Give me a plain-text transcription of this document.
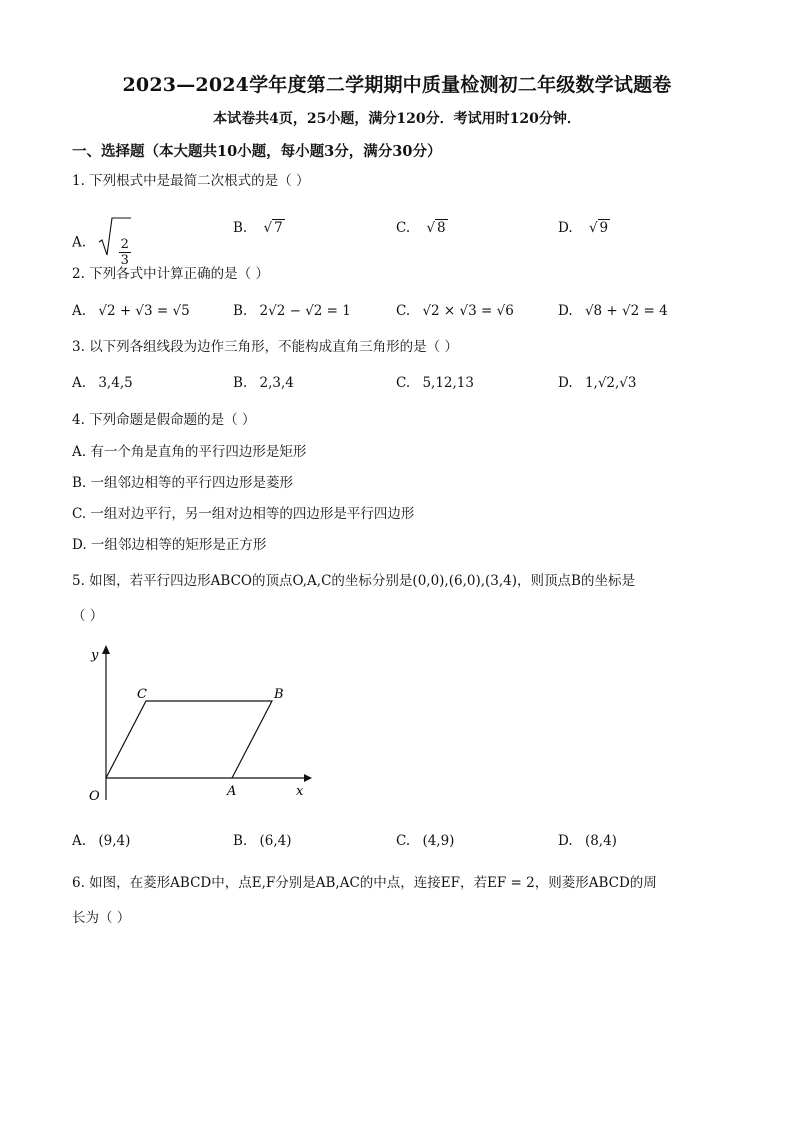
2023—2024学年度第二学期期中质量检测初二年级数学试题卷
本试卷共4页，25小题，满分120分．考试用时120分钟．
一、选择题（本大题共10小题，每小题3分，满分30分）
1. 下列根式中是最简二次根式的是（ ）
A.	$\frac{2}{3}$
B. √ 7	C. √ 8	D. √ 9
2. 下列各式中计算正确的是（ ）
A. √2 + √3 = √5	B. 2√2 − √2 = 1	C. √2 × √3 = √6	D. √8 + √2 = 4
3. 以下列各组线段为边作三角形，不能构成直角三角形的是（ ）
A. 3,4,5	B. 2,3,4	C. 5,12,13	D. 1,√2,√3
4. 下列命题是假命题的是（ ）
A. 有一个角是直角的平行四边形是矩形
B. 一组邻边相等的平行四边形是菱形
C. 一组对边平行，另一组对边相等的四边形是平行四边形
D. 一组邻边相等的矩形是正方形
5. 如图，若平行四边形ABCO的顶点O,A,C的坐标分别是(0,0),(6,0),(3,4)，则顶点B的坐标是
（ ）
y
x
O	A
B
C
A. (9,4)	B. (6,4)	C. (4,9)	D. (8,4)
6. 如图，在菱形ABCD中，点E,F分别是AB,AC的中点，连接EF，若EF = 2，则菱形ABCD的周
长为（ ）
